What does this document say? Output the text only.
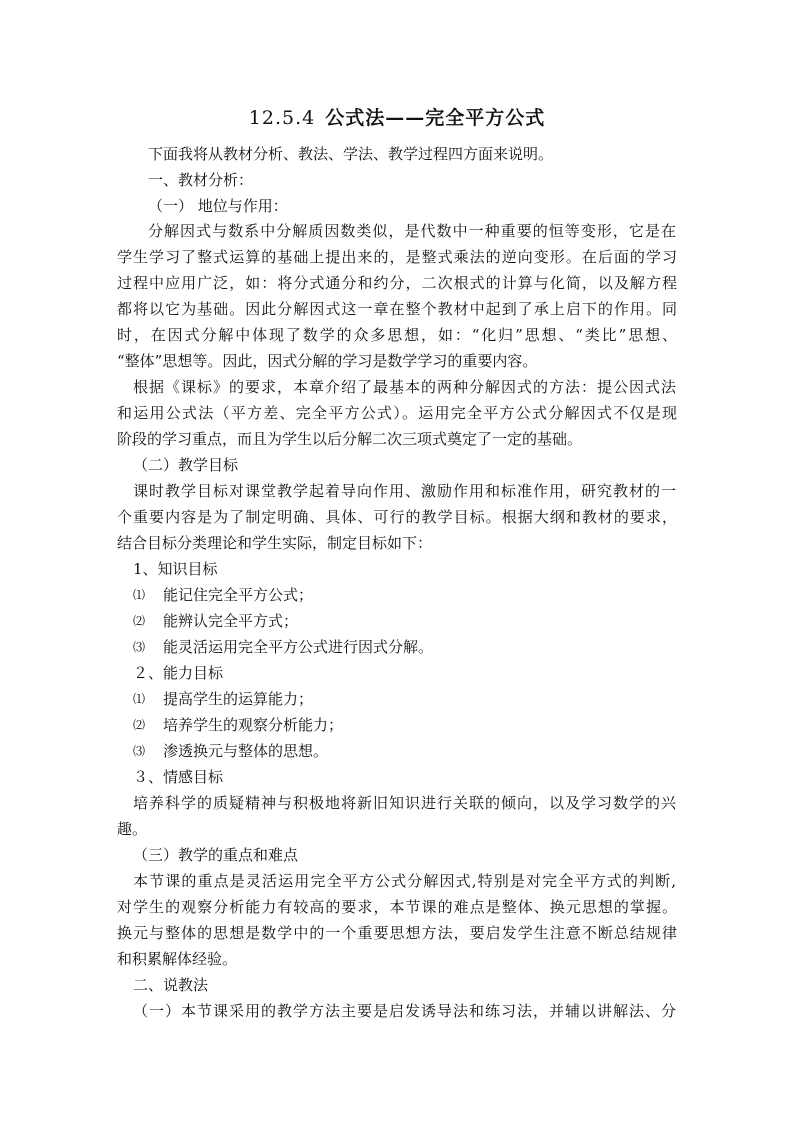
12.5.4 公式法——完全平方公式
下面我将从教材分析、教法、学法、教学过程四方面来说明。
一、教材分析：
（一） 地位与作用：
分解因式与数系中分解质因数类似，是代数中一种重要的恒等变形，它是在
学生学习了整式运算的基础上提出来的，是整式乘法的逆向变形。在后面的学习
过程中应用广泛，如：将分式通分和约分，二次根式的计算与化简，以及解方程
都将以它为基础。因此分解因式这一章在整个教材中起到了承上启下的作用。同
时，在因式分解中体现了数学的众多思想，如：“化归”思想、“类比”思想、
“整体”思想等。因此，因式分解的学习是数学学习的重要内容。
根据《课标》的要求，本章介绍了最基本的两种分解因式的方法：提公因式法
和运用公式法（平方差、完全平方公式）。运用完全平方公式分解因式不仅是现
阶段的学习重点，而且为学生以后分解二次三项式奠定了一定的基础。
（二）教学目标
课时教学目标对课堂教学起着导向作用、激励作用和标准作用，研究教材的一
个重要内容是为了制定明确、具体、可行的教学目标。根据大纲和教材的要求，
结合目标分类理论和学生实际，制定目标如下：
1、知识目标
⑴ 能记住完全平方公式；
⑵ 能辨认完全平方式；
⑶ 能灵活运用完全平方公式进行因式分解。
２、能力目标
⑴ 提高学生的运算能力；
⑵ 培养学生的观察分析能力；
⑶ 渗透换元与整体的思想。
３、情感目标
培养科学的质疑精神与积极地将新旧知识进行关联的倾向，以及学习数学的兴
趣。
（三）教学的重点和难点
本节课的重点是灵活运用完全平方公式分解因式,特别是对完全平方式的判断,
对学生的观察分析能力有较高的要求，本节课的难点是整体、换元思想的掌握。
换元与整体的思想是数学中的一个重要思想方法，要启发学生注意不断总结规律
和积累解体经验。
二、说教法
（一）本节课采用的教学方法主要是启发诱导法和练习法，并辅以讲解法、分
